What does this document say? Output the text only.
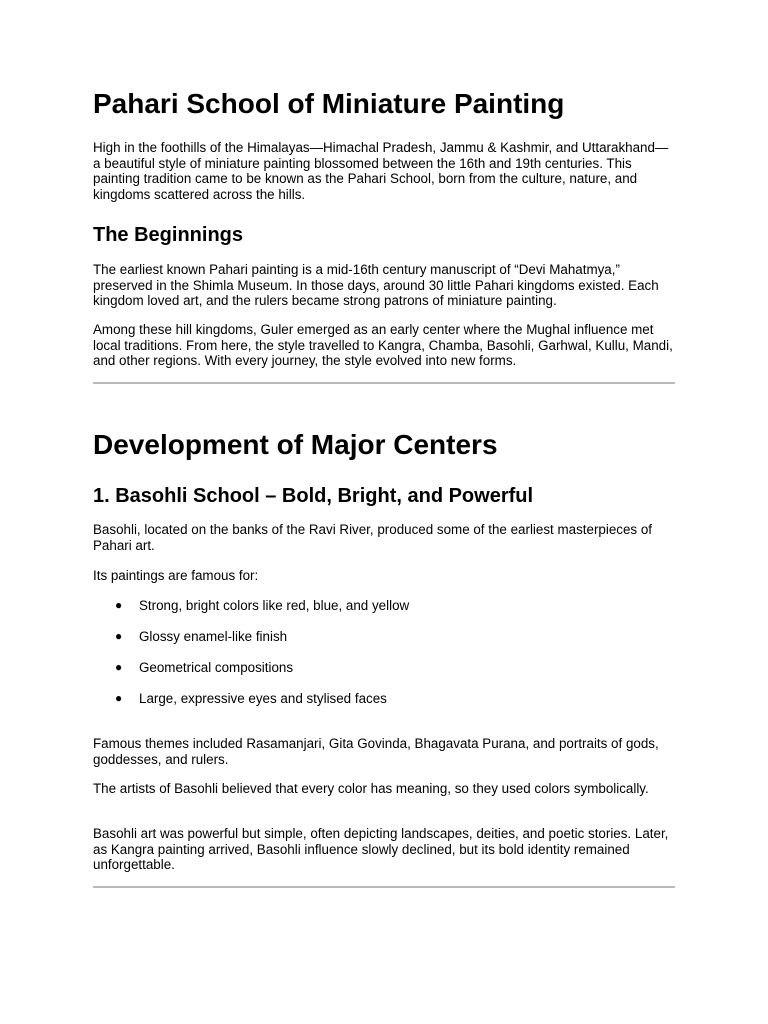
Pahari School of Miniature Painting

High in the foothills of the Himalayas—Himachal Pradesh, Jammu & Kashmir, and Uttarakhand—a beautiful style of miniature painting blossomed between the 16th and 19th centuries. This painting tradition came to be known as the Pahari School, born from the culture, nature, and kingdoms scattered across the hills.

The Beginnings

The earliest known Pahari painting is a mid-16th century manuscript of “Devi Mahatmya,” preserved in the Shimla Museum. In those days, around 30 little Pahari kingdoms existed. Each kingdom loved art, and the rulers became strong patrons of miniature painting.

Among these hill kingdoms, Guler emerged as an early center where the Mughal influence met local traditions. From here, the style travelled to Kangra, Chamba, Basohli, Garhwal, Kullu, Mandi, and other regions. With every journey, the style evolved into new forms.

Development of Major Centers
1. Basohli School – Bold, Bright, and Powerful

Basohli, located on the banks of the Ravi River, produced some of the earliest masterpieces of Pahari art.

Its paintings are famous for:

● Strong, bright colors like red, blue, and yellow
● Glossy enamel-like finish
● Geometrical compositions
● Large, expressive eyes and stylised faces

Famous themes included Rasamanjari, Gita Govinda, Bhagavata Purana, and portraits of gods, goddesses, and rulers.

The artists of Basohli believed that every color has meaning, so they used colors symbolically.

Basohli art was powerful but simple, often depicting landscapes, deities, and poetic stories. Later, as Kangra painting arrived, Basohli influence slowly declined, but its bold identity remained unforgettable.
